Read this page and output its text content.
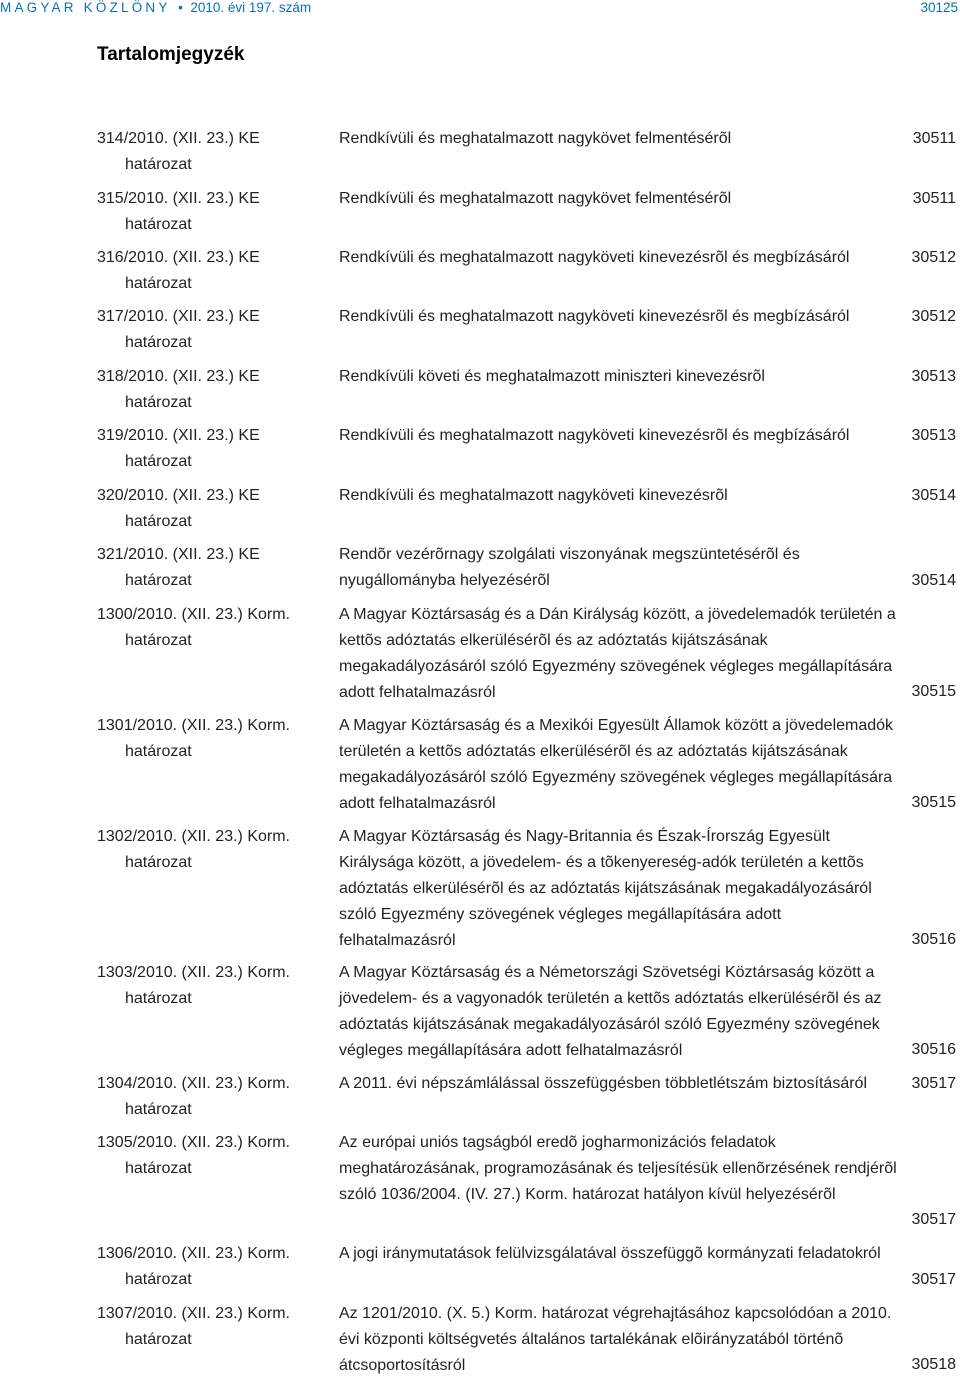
MAGYAR KÖZLÖNY  •  2010. évi 197. szám	30125
Tartalomjegyzék
314/2010. (XII. 23.) KE
határozat
Rendkívüli és meghatalmazott nagykövet felmentésérõl	30511
315/2010. (XII. 23.) KE
határozat
Rendkívüli és meghatalmazott nagykövet felmentésérõl	30511
316/2010. (XII. 23.) KE
határozat
Rendkívüli és meghatalmazott nagyköveti kinevezésrõl és megbízásáról	30512
317/2010. (XII. 23.) KE
határozat
Rendkívüli és meghatalmazott nagyköveti kinevezésrõl és megbízásáról	30512
318/2010. (XII. 23.) KE
határozat
Rendkívüli követi és meghatalmazott miniszteri kinevezésrõl	30513
319/2010. (XII. 23.) KE
határozat
Rendkívüli és meghatalmazott nagyköveti kinevezésrõl és megbízásáról	30513
320/2010. (XII. 23.) KE
határozat
Rendkívüli és meghatalmazott nagyköveti kinevezésrõl	30514
321/2010. (XII. 23.) KE
határozat
Rendõr vezérõrnagy szolgálati viszonyának megszüntetésérõl és nyugállományba helyezésérõl	30514
1300/2010. (XII. 23.) Korm.
határozat
A Magyar Köztársaság és a Dán Királyság között, a jövedelemadók területén a kettõs adóztatás elkerülésérõl és az adóztatás kijátszásának megakadályozásáról szóló Egyezmény szövegének végleges megállapítására adott felhatalmazásról	30515
1301/2010. (XII. 23.) Korm.
határozat
A Magyar Köztársaság és a Mexikói Egyesült Államok között a jövedelemadók területén a kettõs adóztatás elkerülésérõl és az adóztatás kijátszásának megakadályozásáról szóló Egyezmény szövegének végleges megállapítására adott felhatalmazásról	30515
1302/2010. (XII. 23.) Korm.
határozat
A Magyar Köztársaság és Nagy-Britannia és Észak-Írország Egyesült Királysága között, a jövedelem- és a tõkenyereség-adók területén a kettõs adóztatás elkerülésérõl és az adóztatás kijátszásának megakadályozásáról szóló Egyezmény szövegének végleges megállapítására adott felhatalmazásról	30516
1303/2010. (XII. 23.) Korm.
határozat
A Magyar Köztársaság és a Németországi Szövetségi Köztársaság között a jövedelem- és a vagyonadók területén a kettõs adóztatás elkerülésérõl és az adóztatás kijátszásának megakadályozásáról szóló Egyezmény szövegének végleges megállapítására adott felhatalmazásról	30516
1304/2010. (XII. 23.) Korm.
határozat
A 2011. évi népszámlálással összefüggésben többletlétszám biztosításáról	30517
1305/2010. (XII. 23.) Korm.
határozat
Az európai uniós tagságból eredõ jogharmonizációs feladatok meghatározásának, programozásának és teljesítésük ellenõrzésének rendjérõl szóló 1036/2004. (IV. 27.) Korm. határozat hatályon kívül helyezésérõl
30517
1306/2010. (XII. 23.) Korm.
határozat
A jogi iránymutatások felülvizsgálatával összefüggõ kormányzati feladatokról
30517
1307/2010. (XII. 23.) Korm.
határozat
Az 1201/2010. (X. 5.) Korm. határozat végrehajtásához kapcsolódóan a 2010. évi központi költségvetés általános tartalékának elõirányzatából történõ átcsoportosításról	30518
